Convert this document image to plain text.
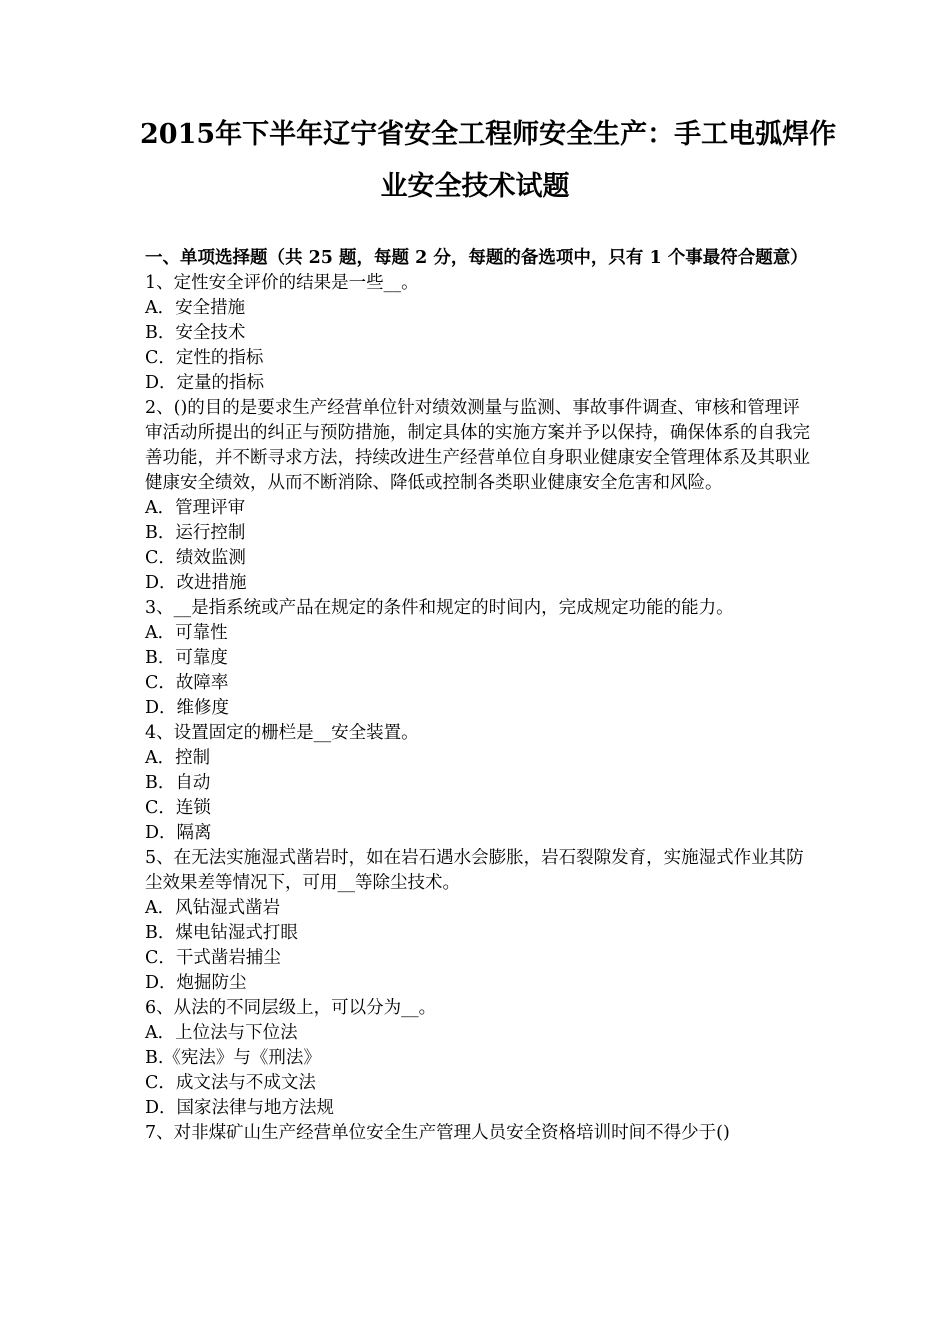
2015年下半年辽宁省安全工程师安全生产：手工电弧焊作
业安全技术试题

一、单项选择题（共 25 题，每题 2 分，每题的备选项中，只有 1 个事最符合题意）

1、定性安全评价的结果是一些__。

A．安全措施

B．安全技术

C．定性的指标

D．定量的指标

2、()的目的是要求生产经营单位针对绩效测量与监测、事故事件调查、审核和管理评审活动所提出的纠正与预防措施，制定具体的实施方案并予以保持，确保体系的自我完善功能，并不断寻求方法，持续改进生产经营单位自身职业健康安全管理体系及其职业健康安全绩效，从而不断消除、降低或控制各类职业健康安全危害和风险。

A．管理评审

B．运行控制

C．绩效监测

D．改进措施

3、__是指系统或产品在规定的条件和规定的时间内，完成规定功能的能力。

A．可靠性

B．可靠度

C．故障率

D．维修度

4、设置固定的栅栏是__安全装置。

A．控制

B．自动

C．连锁

D．隔离

5、在无法实施湿式凿岩时，如在岩石遇水会膨胀，岩石裂隙发育，实施湿式作业其防尘效果差等情况下，可用__等除尘技术。

A．风钻湿式凿岩

B．煤电钻湿式打眼

C．干式凿岩捕尘

D．炮掘防尘

6、从法的不同层级上，可以分为__。

A．上位法与下位法

B.《宪法》与《刑法》

C．成文法与不成文法

D．国家法律与地方法规

7、对非煤矿山生产经营单位安全生产管理人员安全资格培训时间不得少于()
